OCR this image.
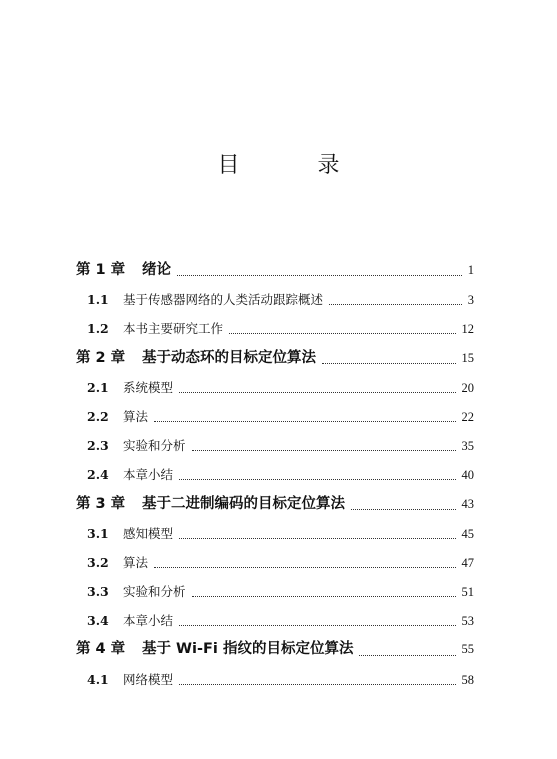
目　录
第 1 章	绪论	1
1.1	基于传感器网络的人类活动跟踪概述	3
1.2	本书主要研究工作	12
第 2 章	基于动态环的目标定位算法	15
2.1	系统模型	20
2.2	算法	22
2.3	实验和分析	35
2.4	本章小结	40
第 3 章	基于二进制编码的目标定位算法	43
3.1	感知模型	45
3.2	算法	47
3.3	实验和分析	51
3.4	本章小结	53
第 4 章	基于 Wi-Fi 指纹的目标定位算法	55
4.1	网络模型	58
